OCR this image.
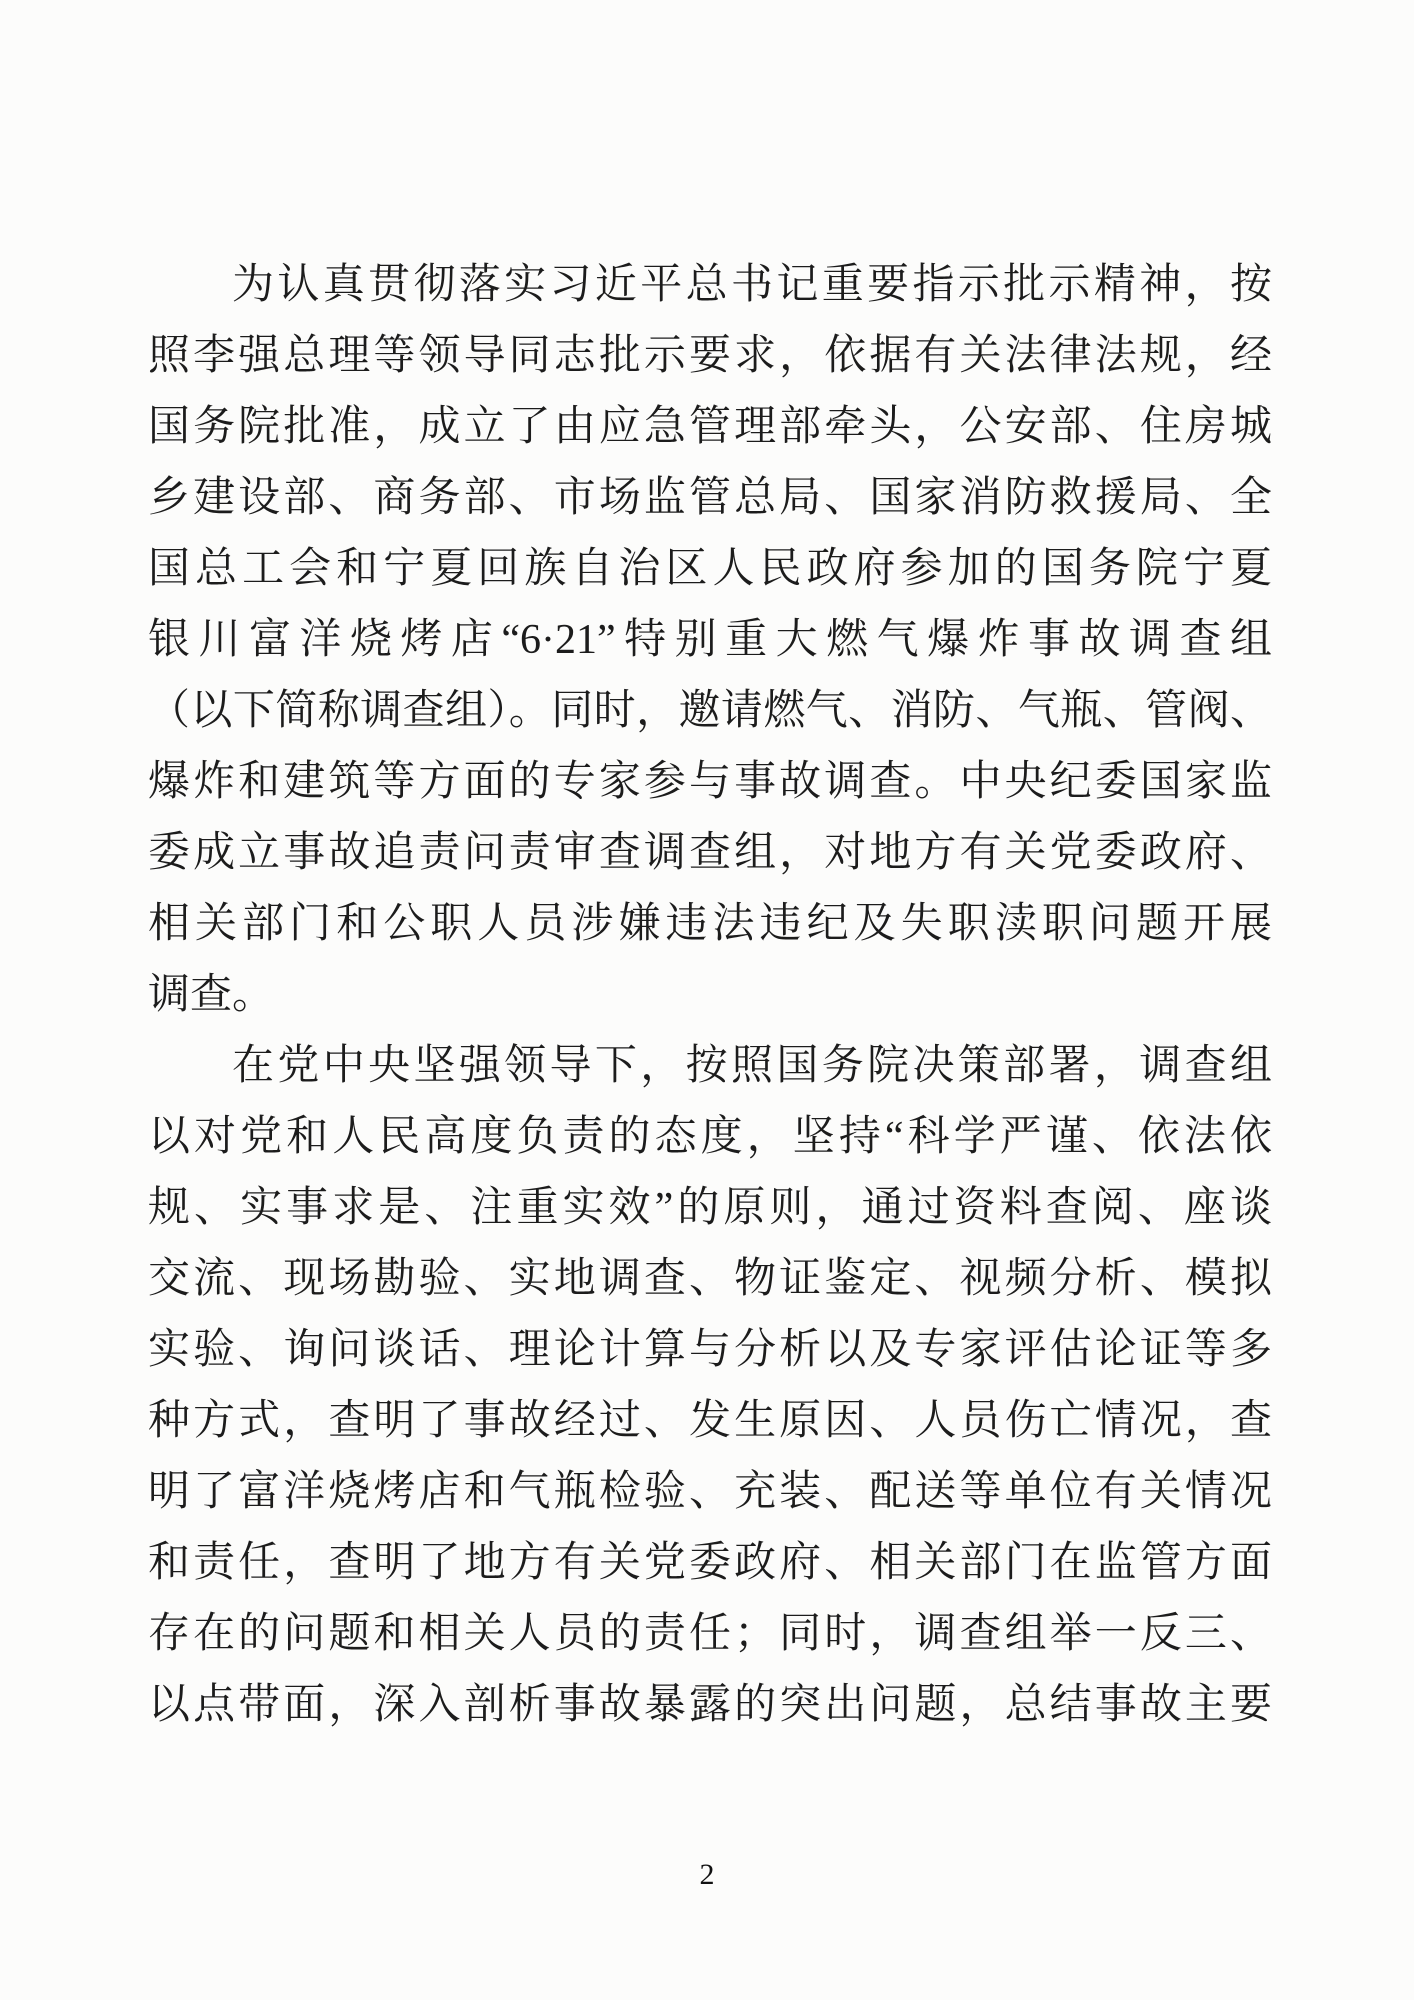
为认真贯彻落实习近平总书记重要指示批示精神，按
照李强总理等领导同志批示要求，依据有关法律法规，经
国务院批准，成立了由应急管理部牵头，公安部、住房城
乡建设部、商务部、市场监管总局、国家消防救援局、全
国总工会和宁夏回族自治区人民政府参加的国务院宁夏
银川富洋烧烤店“6·21”特别重大燃气爆炸事故调查组
（以下简称调查组）。同时，邀请燃气、消防、气瓶、管阀、
爆炸和建筑等方面的专家参与事故调查。中央纪委国家监
委成立事故追责问责审查调查组，对地方有关党委政府、
相关部门和公职人员涉嫌违法违纪及失职渎职问题开展
调查。
在党中央坚强领导下，按照国务院决策部署，调查组
以对党和人民高度负责的态度，坚持“科学严谨、依法依
规、实事求是、注重实效”的原则，通过资料查阅、座谈
交流、现场勘验、实地调查、物证鉴定、视频分析、模拟
实验、询问谈话、理论计算与分析以及专家评估论证等多
种方式，查明了事故经过、发生原因、人员伤亡情况，查
明了富洋烧烤店和气瓶检验、充装、配送等单位有关情况
和责任，查明了地方有关党委政府、相关部门在监管方面
存在的问题和相关人员的责任；同时，调查组举一反三、
以点带面，深入剖析事故暴露的突出问题，总结事故主要
2
